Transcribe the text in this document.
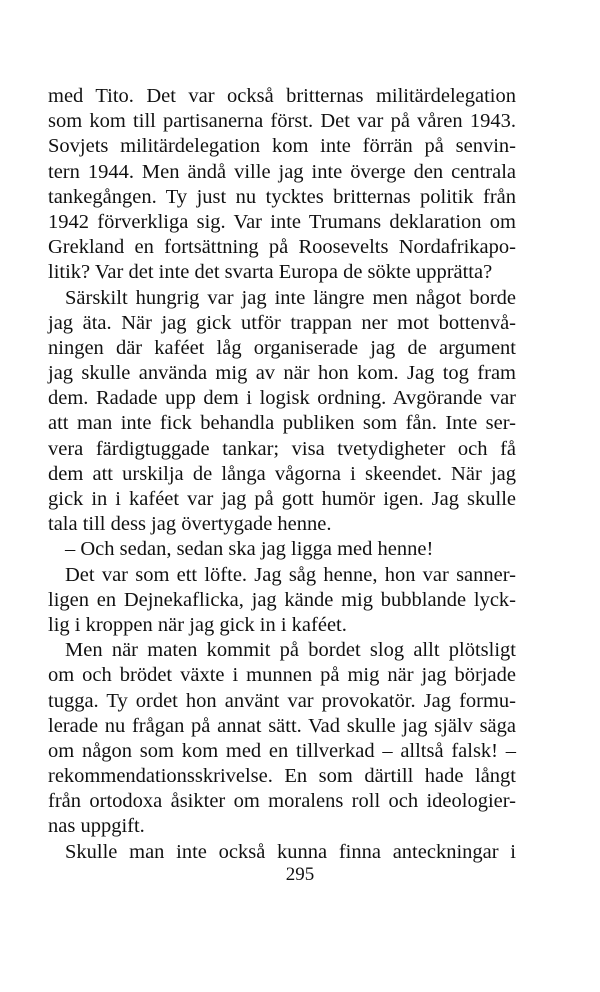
med Tito. Det var också britternas militärdelegation
som kom till partisanerna först. Det var på våren 1943.
Sovjets militärdelegation kom inte förrän på senvin-
tern 1944. Men ändå ville jag inte överge den centrala
tankegången. Ty just nu tycktes britternas politik från
1942 förverkliga sig. Var inte Trumans deklaration om
Grekland en fortsättning på Roosevelts Nordafrikapo-
litik? Var det inte det svarta Europa de sökte upprätta?
Särskilt hungrig var jag inte längre men något borde
jag äta. När jag gick utför trappan ner mot bottenvå-
ningen där kaféet låg organiserade jag de argument
jag skulle använda mig av när hon kom. Jag tog fram
dem. Radade upp dem i logisk ordning. Avgörande var
att man inte fick behandla publiken som fån. Inte ser-
vera färdigtuggade tankar; visa tvetydigheter och få
dem att urskilja de långa vågorna i skeendet. När jag
gick in i kaféet var jag på gott humör igen. Jag skulle
tala till dess jag övertygade henne.
– Och sedan, sedan ska jag ligga med henne!
Det var som ett löfte. Jag såg henne, hon var sanner-
ligen en Dejnekaflicka, jag kände mig bubblande lyck-
lig i kroppen när jag gick in i kaféet.
Men när maten kommit på bordet slog allt plötsligt
om och brödet växte i munnen på mig när jag började
tugga. Ty ordet hon använt var provokatör. Jag formu-
lerade nu frågan på annat sätt. Vad skulle jag själv säga
om någon som kom med en tillverkad – alltså falsk! –
rekommendationsskrivelse. En som därtill hade långt
från ortodoxa åsikter om moralens roll och ideologier-
nas uppgift.
Skulle man inte också kunna finna anteckningar i
295
